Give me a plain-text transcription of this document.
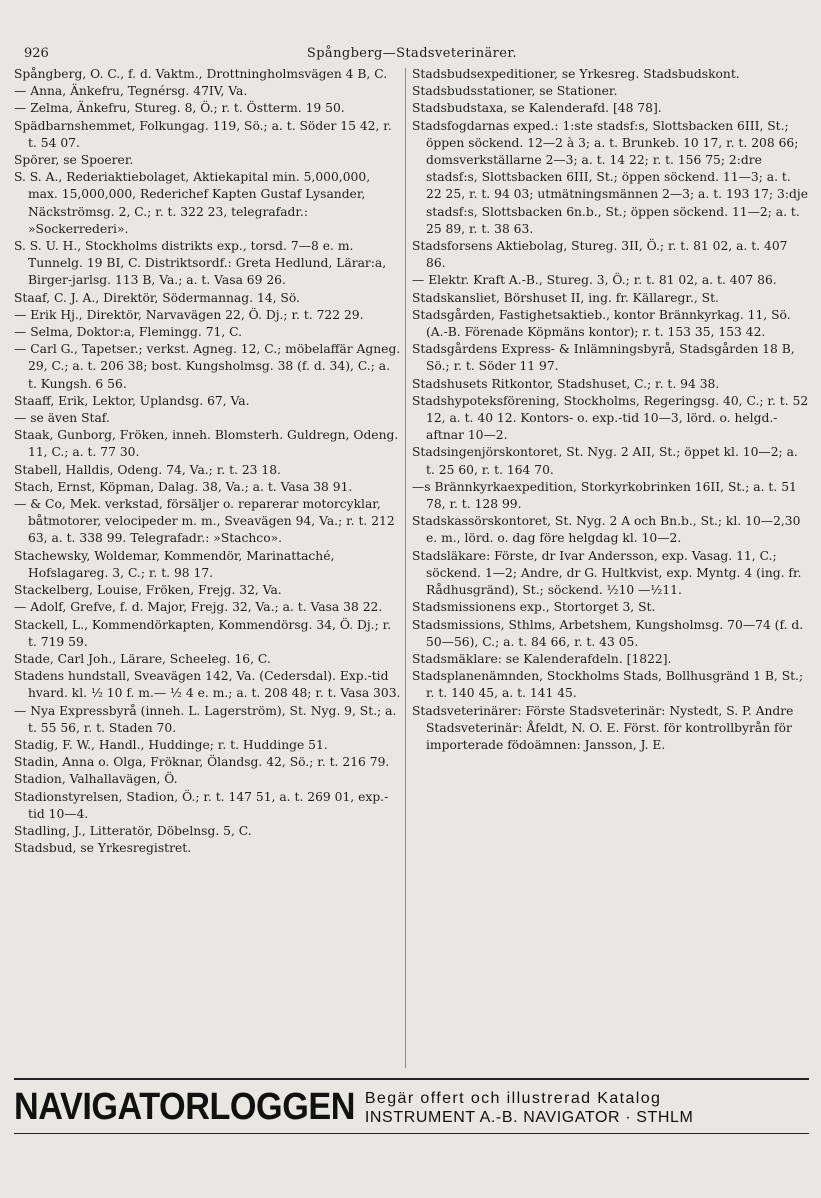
926	Spångberg—Stadsveterinärer.

Spångberg, O. C., f. d. Vaktm., Drottningholmsvägen 4 B, C.

— Anna, Änkefru, Tegnérsg. 47IV, Va.

— Zelma, Änkefru, Stureg. 8, Ö.; r. t. Östterm. 19 50.

Spädbarnshemmet, Folkungag. 119, Sö.; a. t. Söder 15 42, r. t. 54 07.

Spörer, se Spoerer.

S. S. A., Rederiaktiebolaget, Aktiekapital min. 5,000,000, max. 15,000,000, Rederichef Kapten Gustaf Lysander, Näckströmsg. 2, C.; r. t. 322 23, telegrafadr.: »Sockerrederi».

S. S. U. H., Stockholms distrikts exp., torsd. 7—8 e. m. Tunnelg. 19 BI, C. Distriktsordf.: Greta Hedlund, Lärar:a, Birger-jarlsg. 113 B, Va.; a. t. Vasa 69 26.

Staaf, C. J. A., Direktör, Södermannag. 14, Sö.

— Erik Hj., Direktör, Narvavägen 22, Ö. Dj.; r. t. 722 29.

— Selma, Doktor:a, Flemingg. 71, C.

— Carl G., Tapetser.; verkst. Agneg. 12, C.; möbelaffär Agneg. 29, C.; a. t. 206 38; bost. Kungsholmsg. 38 (f. d. 34), C.; a. t. Kungsh. 6 56.

Staaff, Erik, Lektor, Uplandsg. 67, Va.

— se även Staf.

Staak, Gunborg, Fröken, inneh. Blomsterh. Guldregn, Odeng. 11, C.; a. t. 77 30.

Stabell, Halldis, Odeng. 74, Va.; r. t. 23 18.

Stach, Ernst, Köpman, Dalag. 38, Va.; a. t. Vasa 38 91.

— & Co, Mek. verkstad, försäljer o. reparerar motorcyklar, båtmotorer, velocipeder m. m., Sveavägen 94, Va.; r. t. 212 63, a. t. 338 99. Telegrafadr.: »Stachco».

Stachewsky, Woldemar, Kommendör, Marinattaché, Hofslagareg. 3, C.; r. t. 98 17.

Stackelberg, Louise, Fröken, Frejg. 32, Va.

— Adolf, Grefve, f. d. Major, Frejg. 32, Va.; a. t. Vasa 38 22.

Stackell, L., Kommendörkapten, Kommendörsg. 34, Ö. Dj.; r. t. 719 59.

Stade, Carl Joh., Lärare, Scheeleg. 16, C.

Stadens hundstall, Sveavägen 142, Va. (Cedersdal). Exp.-tid hvard. kl. ½ 10 f. m.— ½ 4 e. m.; a. t. 208 48; r. t. Vasa 303.

— Nya Expressbyrå (inneh. L. Lagerström), St. Nyg. 9, St.; a. t. 55 56, r. t. Staden 70.

Stadig, F. W., Handl., Huddinge; r. t. Huddinge 51.

Stadin, Anna o. Olga, Fröknar, Ölandsg. 42, Sö.; r. t. 216 79.

Stadion, Valhallavägen, Ö.

Stadionstyrelsen, Stadion, Ö.; r. t. 147 51, a. t. 269 01, exp.-tid 10—4.

Stadling, J., Litteratör, Döbelnsg. 5, C.

Stadsbud, se Yrkesregistret.

Stadsbudsexpeditioner, se Yrkesreg. Stadsbudskont.

Stadsbudsstationer, se Stationer.

Stadsbudstaxa, se Kalenderafd. [48 78].

Stadsfogdarnas exped.: 1:ste stadsf:s, Slottsbacken 6III, St.; öppen söckend. 12—2 à 3; a. t. Brunkeb. 10 17, r. t. 208 66; domsverkställarne 2—3; a. t. 14 22; r. t. 156 75; 2:dre stadsf:s, Slottsbacken 6III, St.; öppen söckend. 11—3; a. t. 22 25, r. t. 94 03; utmätningsmännen 2—3; a. t. 193 17; 3:dje stadsf:s, Slottsbacken 6n.b., St.; öppen söckend. 11—2; a. t. 25 89, r. t. 38 63.

Stadsforsens Aktiebolag, Stureg. 3II, Ö.; r. t. 81 02, a. t. 407 86.

— Elektr. Kraft A.-B., Stureg. 3, Ö.; r. t. 81 02, a. t. 407 86.

Stadskansliet, Börshuset II, ing. fr. Källaregr., St.

Stadsgården, Fastighetsaktieb., kontor Brännkyrkag. 11, Sö. (A.-B. Förenade Köpmäns kontor); r. t. 153 35, 153 42.

Stadsgårdens Express- & Inlämningsbyrå, Stadsgården 18 B, Sö.; r. t. Söder 11 97.

Stadshusets Ritkontor, Stadshuset, C.; r. t. 94 38.

Stadshypoteksförening, Stockholms, Regeringsg. 40, C.; r. t. 52 12, a. t. 40 12. Kontors- o. exp.-tid 10—3, lörd. o. helgd.-aftnar 10—2.

Stadsingenjörskontoret, St. Nyg. 2 AII, St.; öppet kl. 10—2; a. t. 25 60, r. t. 164 70.

—s Brännkyrkaexpedition, Storkyrkobrinken 16II, St.; a. t. 51 78, r. t. 128 99.

Stadskassörskontoret, St. Nyg. 2 A och Bn.b., St.; kl. 10—2,30 e. m., lörd. o. dag före helgdag kl. 10—2.

Stadsläkare: Förste, dr Ivar Andersson, exp. Vasag. 11, C.; söckend. 1—2; Andre, dr G. Hultkvist, exp. Myntg. 4 (ing. fr. Rådhusgränd), St.; söckend. ½10 —½11.

Stadsmissionens exp., Stortorget 3, St.

Stadsmissions, Sthlms, Arbetshem, Kungsholmsg. 70—74 (f. d. 50—56), C.; a. t. 84 66, r. t. 43 05.

Stadsmäklare: se Kalenderafdeln. [1822].

Stadsplanenämnden, Stockholms Stads, Bollhusgränd 1 B, St.; r. t. 140 45, a. t. 141 45.

Stadsveterinärer: Förste Stadsveterinär: Nystedt, S. P. Andre Stadsveterinär: Åfeldt, N. O. E. Först. för kontrollbyrån för importerade födoämnen: Jansson, J. E.

NAVIGATORLOGGEN Begär offert och illustrerad Katalog
INSTRUMENT A.-B. NAVIGATOR · STHLM
